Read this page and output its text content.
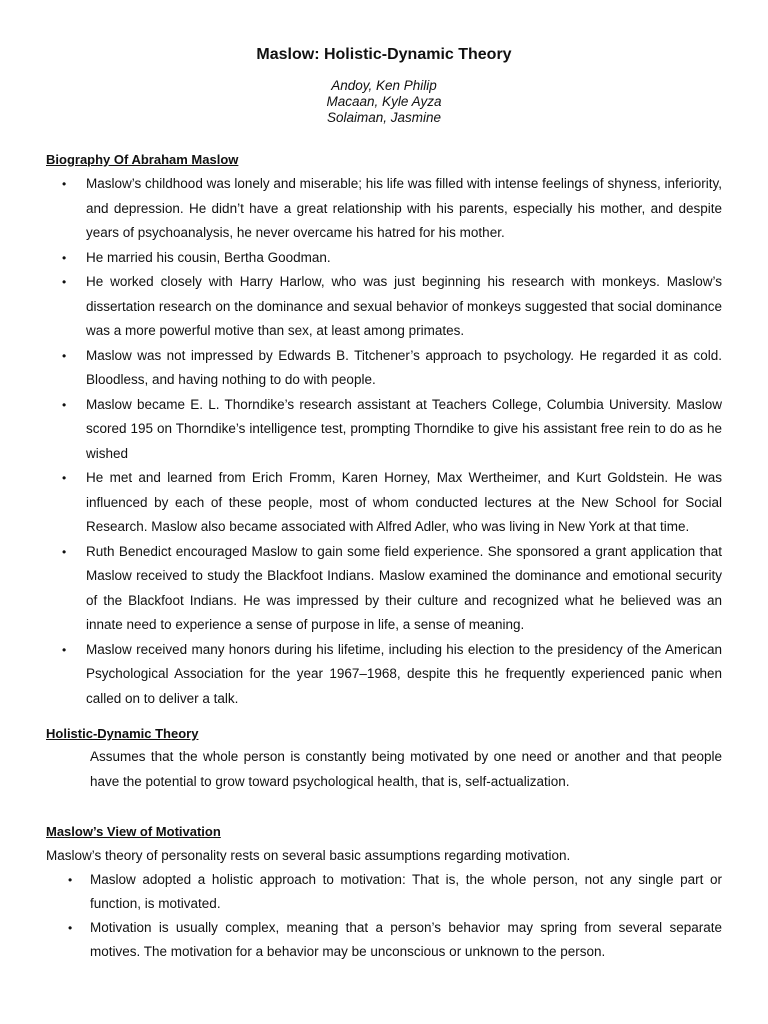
Maslow: Holistic-Dynamic Theory
Andoy, Ken Philip
Macaan, Kyle Ayza
Solaiman, Jasmine
Biography Of Abraham Maslow
• Maslow’s childhood was lonely and miserable; his life was filled with intense feelings of shyness, inferiority, and depression. He didn’t have a great relationship with his parents, especially his mother, and despite years of psychoanalysis, he never overcame his hatred for his mother.
• He married his cousin, Bertha Goodman.
• He worked closely with Harry Harlow, who was just beginning his research with monkeys. Maslow’s dissertation research on the dominance and sexual behavior of monkeys suggested that social dominance was a more powerful motive than sex, at least among primates.
• Maslow was not impressed by Edwards B. Titchener’s approach to psychology. He regarded it as cold. Bloodless, and having nothing to do with people.
• Maslow became E. L. Thorndike’s research assistant at Teachers College, Columbia University. Maslow scored 195 on Thorndike’s intelligence test, prompting Thorndike to give his assistant free rein to do as he wished
• He met and learned from Erich Fromm, Karen Horney, Max Wertheimer, and Kurt Goldstein. He was influenced by each of these people, most of whom conducted lectures at the New School for Social Research. Maslow also became associated with Alfred Adler, who was living in New York at that time.
• Ruth Benedict encouraged Maslow to gain some field experience. She sponsored a grant application that Maslow received to study the Blackfoot Indians. Maslow examined the dominance and emotional security of the Blackfoot Indians. He was impressed by their culture and recognized what he believed was an innate need to experience a sense of purpose in life, a sense of meaning.
• Maslow received many honors during his lifetime, including his election to the presidency of the American Psychological Association for the year 1967–1968, despite this he frequently experienced panic when called on to deliver a talk.
Holistic-Dynamic Theory

Assumes that the whole person is constantly being motivated by one need or another and that people have the potential to grow toward psychological health, that is, self-actualization.

Maslow’s View of Motivation

Maslow’s theory of personality rests on several basic assumptions regarding motivation.

• Maslow adopted a holistic approach to motivation: That is, the whole person, not any single part or function, is motivated.
• Motivation is usually complex, meaning that a person’s behavior may spring from several separate motives. The motivation for a behavior may be unconscious or unknown to the person.
